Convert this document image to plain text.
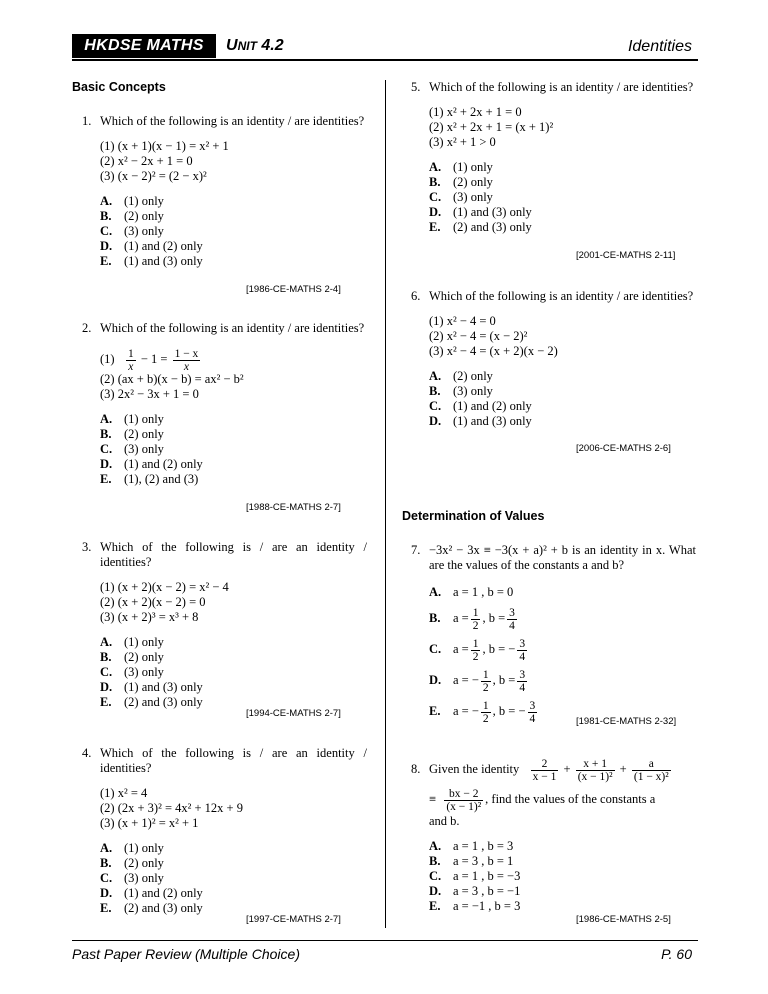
HKDSE MATHS	UNIT 4.2	Identities
Basic Concepts
1. Which of the following is an identity / are identities?
(1) (x + 1)(x − 1) = x² + 1
(2) x² − 2x + 1 = 0
(3) (x − 2)² = (2 − x)²
A. (1) only
B. (2) only
C. (3) only
D. (1) and (2) only
E. (1) and (3) only
[1986-CE-MATHS 2-4]
2. Which of the following is an identity / are identities?
$(1) \frac{1}{x} - 1 = \frac{1 - x}{x}$
(2) (ax + b)(x − b) = ax² − b²
(3) 2x² − 3x + 1 = 0
A. (1) only
B. (2) only
C. (3) only
D. (1) and (2) only
E. (1), (2) and (3)
[1988-CE-MATHS 2-7]
3. Which of the following is / are an identity / identities?
(1) (x + 2)(x − 2) = x² − 4
(2) (x + 2)(x − 2) = 0
(3) (x + 2)³ = x³ + 8
A. (1) only
B. (2) only
C. (3) only
D. (1) and (3) only
E. (2) and (3) only
[1994-CE-MATHS 2-7]
4. Which of the following is / are an identity / identities?
(1) x² = 4
(2) (2x + 3)² = 4x² + 12x + 9
(3) (x + 1)² = x² + 1
A. (1) only
B. (2) only
C. (3) only
D. (1) and (2) only
E. (2) and (3) only
[1997-CE-MATHS 2-7]
5. Which of the following is an identity / are identities?
(1) x² + 2x + 1 = 0
(2) x² + 2x + 1 = (x + 1)²
(3) x² + 1 > 0
A. (1) only
B. (2) only
C. (3) only
D. (1) and (3) only
E. (2) and (3) only
[2001-CE-MATHS 2-11]
6. Which of the following is an identity / are identities?
(1) x² − 4 = 0
(2) x² − 4 = (x − 2)²
(3) x² − 4 = (x + 2)(x − 2)
A. (2) only
B. (3) only
C. (1) and (2) only
D. (1) and (3) only
[2006-CE-MATHS 2-6]
Determination of Values
7. −3x² − 3x ≡ −3(x + a)² + b is an identity in x. What are the values of the constants a and b?
A. a = 1 , b = 0
B. $a = \frac{1}{2}$ , $b = \frac{3}{4}$
C. $a = \frac{1}{2}$ , b = − $\frac{3}{4}$
D. a = − $\frac{1}{2}$ , $b = \frac{3}{4}$
E. a = − $\frac{1}{2}$ , b = − $\frac{3}{4}$	[1981-CE-MATHS 2-32]
8. Given the identity $\frac{2}{x - 1} + \frac{x + 1}{\text{(x − 1)²}} + \frac{a}{\text{(1 − x)²}}$
≡ $\frac{bx - 2}{\text{(x − 1)²}}$ , find the values of the constants a
and b.
A. a = 1 , b = 3
B. a = 3 , b = 1
C. a = 1 , b = −3
D. a = 3 , b = −1
E. a = −1 , b = 3
[1986-CE-MATHS 2-5]
Past Paper Review (Multiple Choice)	P. 60
